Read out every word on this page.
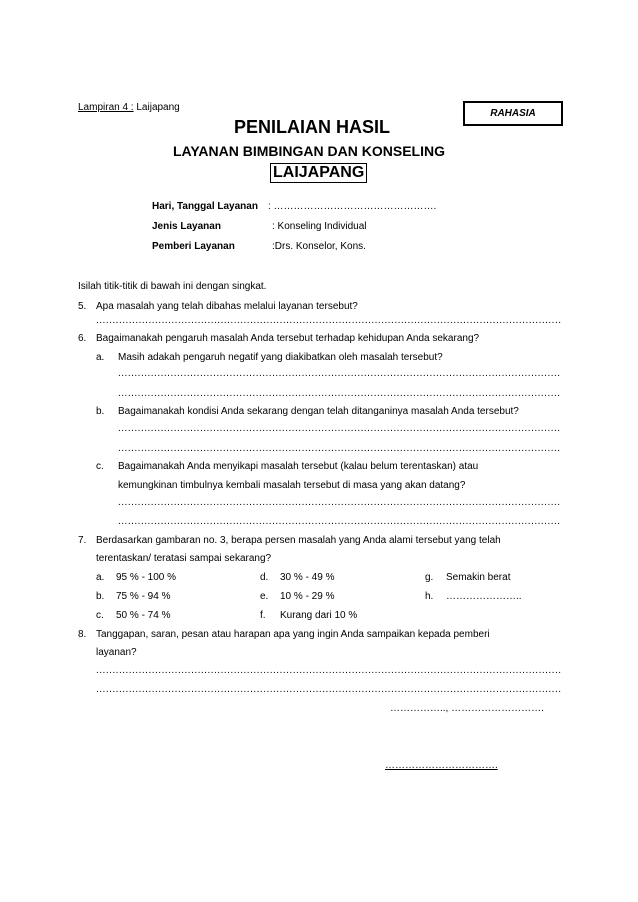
Lampiran 4 : Laijapang
RAHASIA
PENILAIAN HASIL
LAYANAN BIMBINGAN DAN KONSELING
LAIJAPANG
Hari, Tanggal Layanan : ………………………………………….
Jenis Layanan	: Konseling Individual
Pemberi Layanan	:Drs. Konselor, Kons.
Isilah titik-titik di bawah ini dengan singkat.
5. Apa masalah yang telah dibahas melalui layanan tersebut?
.....
6. Bagaimanakah pengaruh masalah Anda tersebut terhadap kehidupan Anda sekarang?
a. Masih adakah pengaruh negatif yang diakibatkan oleh masalah tersebut?
.....
.....
b. Bagaimanakah kondisi Anda sekarang dengan telah ditanganinya masalah Anda tersebut?
.....
.....
c. Bagaimanakah Anda menyikapi masalah tersebut (kalau belum terentaskan) atau
kemungkinan timbulnya kembali masalah tersebut di masa yang akan datang?
.....
.....
7. Berdasarkan gambaran no. 3, berapa persen masalah yang Anda alami tersebut yang telah
terentaskan/ teratasi sampai sekarang?
a. 95 % - 100 %
b. 75 % - 94 %
c. 50 % - 74 %
d. 30 % - 49 %
e. 10 % - 29 %
f. Kurang dari 10 %
g. Semakin berat
h. …………………..
8. Tanggapan, saran, pesan atau harapan apa yang ingin Anda sampaikan kepada pemberi
layanan?
.....
.....
…………….., ……………………….
…………………………….
